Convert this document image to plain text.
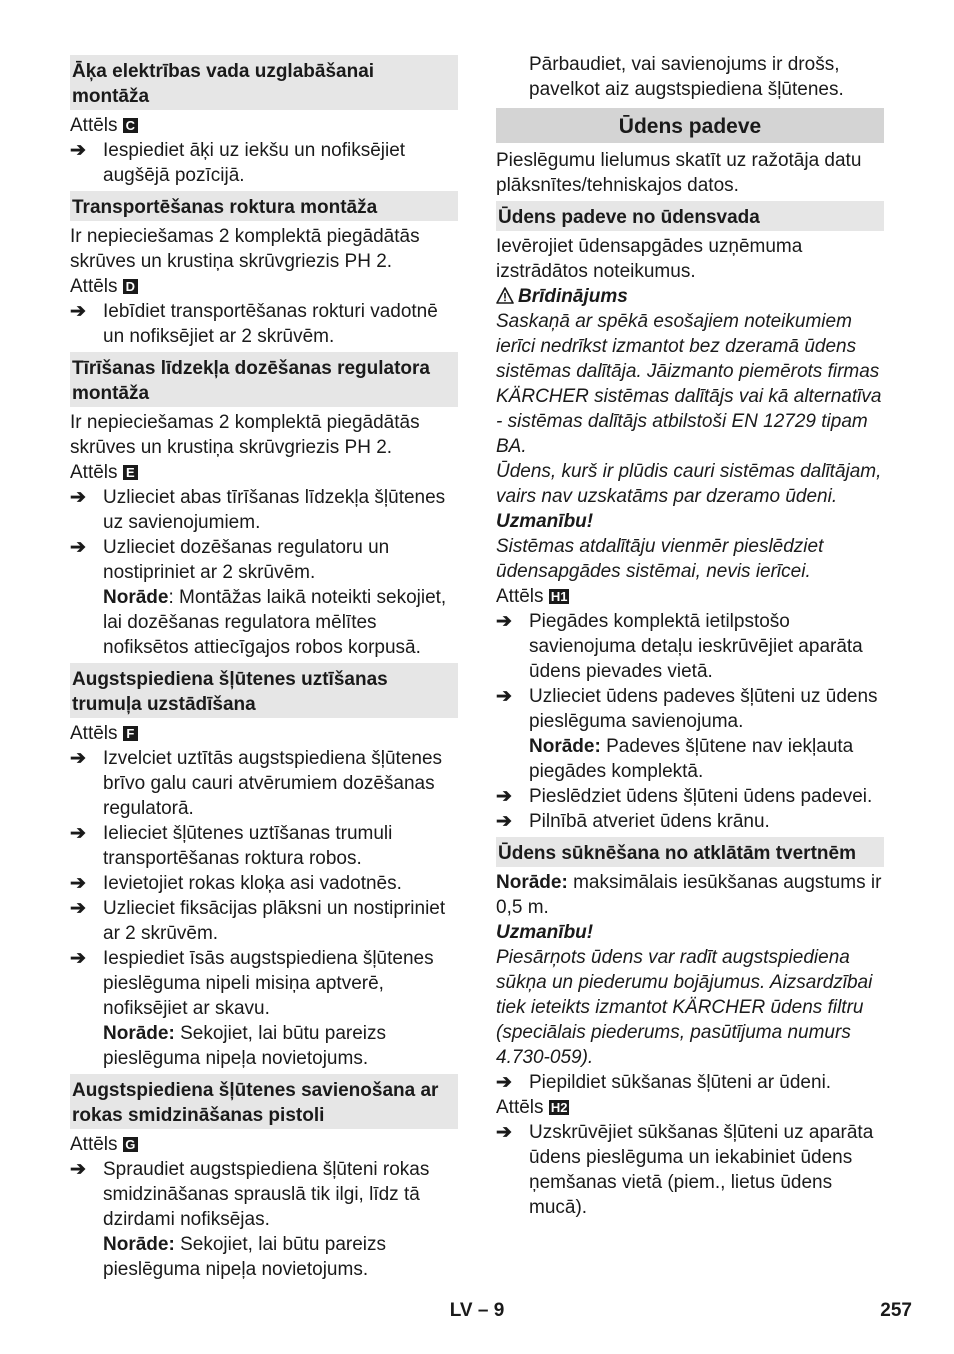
Āķa elektrības vada uzglabāšanai montāža
Attēls C
➔ Iespiediet āķi uz iekšu un nofiksējiet augšējā pozīcijā.
Transportēšanas roktura montāža
Ir nepieciešamas 2 komplektā piegādātās skrūves un krustiņa skrūvgriezis PH 2.
Attēls D
➔ Iebīdiet transportēšanas rokturi vadotnē un nofiksējiet ar 2 skrūvēm.
Tīrīšanas līdzekļa dozēšanas regulatora montāža
Ir nepieciešamas 2 komplektā piegādātās skrūves un krustiņa skrūvgriezis PH 2.
Attēls E
➔ Uzlieciet abas tīrīšanas līdzekļa šļūtenes uz savienojumiem.
➔ Uzlieciet dozēšanas regulatoru un nostipriniet ar 2 skrūvēm.
Norāde: Montāžas laikā noteikti sekojiet, lai dozēšanas regulatora mēlītes nofiksētos attiecīgajos robos korpusā.
Augstspiediena šļūtenes uztīšanas trumuļa uzstādīšana
Attēls F
➔ Izvelciet uztītās augstspiediena šļūtenes brīvo galu cauri atvērumiem dozēšanas regulatorā.
➔ Ielieciet šļūtenes uztīšanas trumuli transportēšanas roktura robos.
➔ Ievietojiet rokas kloķa asi vadotnēs.
➔ Uzlieciet fiksācijas plāksni un nostipriniet ar 2 skrūvēm.
➔ Iespiediet īsās augstspiediena šļūtenes pieslēguma nipeli misiņa aptverē, nofiksējiet ar skavu.
Norāde: Sekojiet, lai būtu pareizs pieslēguma nipeļa novietojums.
Augstspiediena šļūtenes savienošana ar rokas smidzināšanas pistoli
Attēls G
➔ Spraudiet augstspiediena šļūteni rokas smidzināšanas sprauslā tik ilgi, līdz tā dzirdami nofiksējas.
Norāde: Sekojiet, lai būtu pareizs pieslēguma nipeļa novietojums.
Pārbaudiet, vai savienojums ir drošs, pavelkot aiz augstspiediena šļūtenes.
Ūdens padeve
Pieslēgumu lielumus skatīt uz ražotāja datu plāksnītes/tehniskajos datos.
Ūdens padeve no ūdensvada
Ievērojiet ūdensapgādes uzņēmuma izstrādātos noteikumus.
Brīdinājums
Saskaņā ar spēkā esošajiem noteikumiem ierīci nedrīkst izmantot bez dzeramā ūdens sistēmas dalītāja. Jāizmanto piemērots firmas KÄRCHER sistēmas dalītājs vai kā alternatīva - sistēmas dalītājs atbilstoši EN 12729 tipam BA.
Ūdens, kurš ir plūdis cauri sistēmas dalītājam, vairs nav uzskatāms par dzeramo ūdeni.
Uzmanību!
Sistēmas atdalītāju vienmēr pieslēdziet ūdensapgādes sistēmai, nevis ierīcei.
Attēls H1
➔ Piegādes komplektā ietilpstošo savienojuma detaļu ieskrūvējiet aparāta ūdens pievades vietā.
➔ Uzlieciet ūdens padeves šļūteni uz ūdens pieslēguma savienojuma.
Norāde: Padeves šļūtene nav iekļauta piegādes komplektā.
➔ Pieslēdziet ūdens šļūteni ūdens padevei.
➔ Pilnībā atveriet ūdens krānu.
Ūdens sūknēšana no atklātām tvertnēm
Norāde: maksimālais iesūkšanas augstums ir 0,5 m.
Uzmanību!
Piesārņots ūdens var radīt augstspiediena sūkņa un piederumu bojājumus. Aizsardzībai tiek ieteikts izmantot KÄRCHER ūdens filtru (speciālais piederums, pasūtījuma numurs 4.730-059).
➔ Piepildiet sūkšanas šļūteni ar ūdeni.
Attēls H2
➔ Uzskrūvējiet sūkšanas šļūteni uz aparāta ūdens pieslēguma un iekabiniet ūdens ņemšanas vietā (piem., lietus ūdens mucā).
LV – 9	257
